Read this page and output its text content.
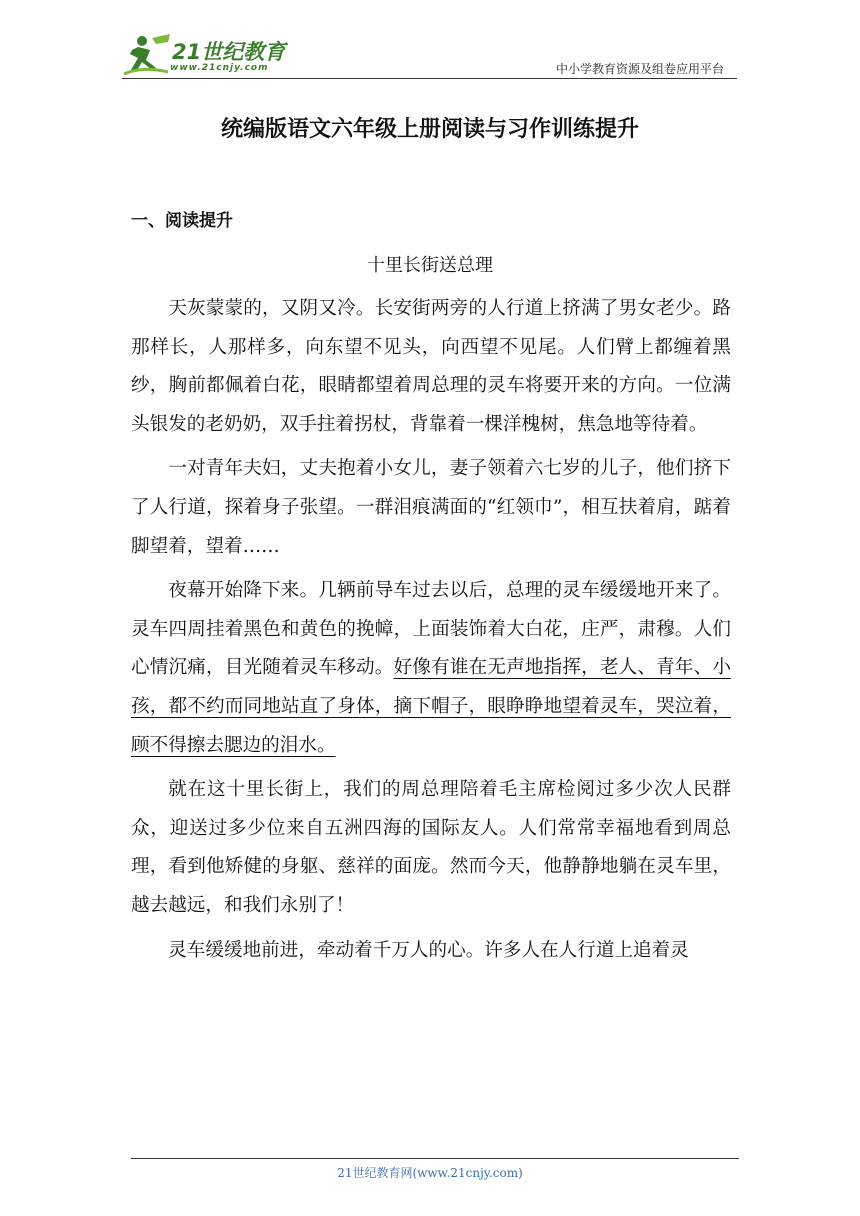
21世纪教育
www.21cnjy.com	中小学教育资源及组卷应用平台
统编版语文六年级上册阅读与习作训练提升
一、阅读提升
十里长街送总理

天灰蒙蒙的，又阴又冷。长安街两旁的人行道上挤满了男女老少。路那样长，人那样多，向东望不见头，向西望不见尾。人们臂上都缠着黑纱，胸前都佩着白花，眼睛都望着周总理的灵车将要开来的方向。一位满头银发的老奶奶，双手拄着拐杖，背靠着一棵洋槐树，焦急地等待着。

一对青年夫妇，丈夫抱着小女儿，妻子领着六七岁的儿子，他们挤下了人行道，探着身子张望。一群泪痕满面的“红领巾”，相互扶着肩，踮着脚望着，望着……

夜幕开始降下来。几辆前导车过去以后，总理的灵车缓缓地开来了。灵车四周挂着黑色和黄色的挽幛，上面装饰着大白花，庄严，肃穆。人们心情沉痛，目光随着灵车移动。好像有谁在无声地指挥，老人、青年、小孩，都不约而同地站直了身体，摘下帽子，眼睁睁地望着灵车，哭泣着，顾不得擦去腮边的泪水。

就在这十里长街上，我们的周总理陪着毛主席检阅过多少次人民群众，迎送过多少位来自五洲四海的国际友人。人们常常幸福地看到周总理，看到他矫健的身躯、慈祥的面庞。然而今天，他静静地躺在灵车里，越去越远，和我们永别了！

灵车缓缓地前进，牵动着千万人的心。许多人在人行道上追着灵

21世纪教育网(www.21cnjy.com)
